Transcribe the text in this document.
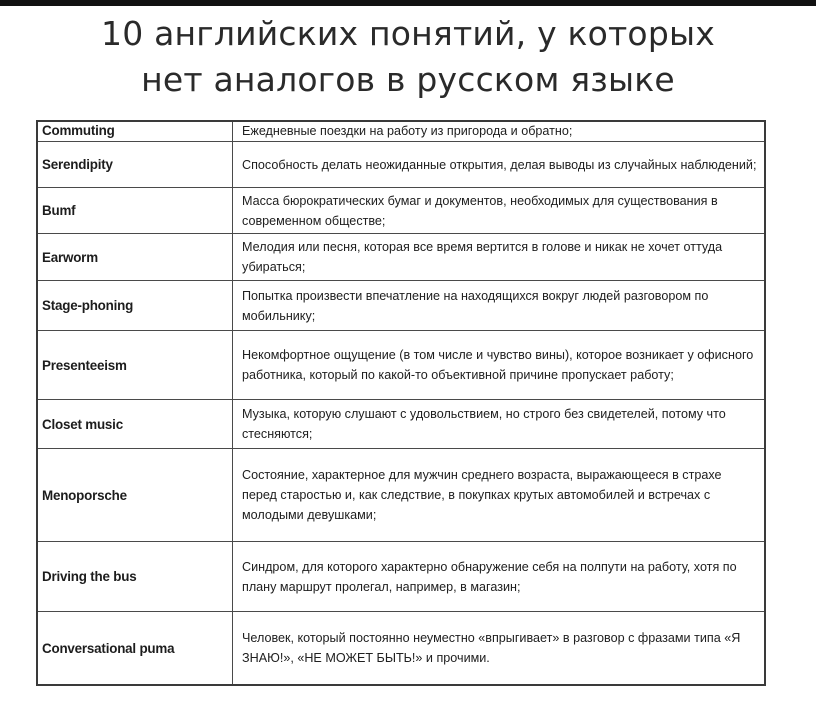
10 английских понятий, у которых
нет аналогов в русском языке
Commuting	Ежедневные поездки на работу из пригорода и обратно;
Serendipity	Способность делать неожиданные открытия, делая выводы из случайных наблюдений;
Bumf	Масса бюрократических бумаг и документов, необходимых для существования в современном обществе;
Earworm	Мелодия или песня, которая все время вертится в голове и никак не хочет оттуда убираться;
Stage-phoning	Попытка произвести впечатление на находящихся вокруг людей разговором по мобильнику;
Presenteeism	Некомфортное ощущение (в том числе и чувство вины), которое возникает у офисного работника, который по какой-то объективной причине пропускает работу;
Closet music	Музыка, которую слушают с удовольствием, но строго без свидетелей, потому что стесняются;
Menoporsche	Состояние, характерное для мужчин среднего возраста, выражающееся в страхе перед старостью и, как следствие, в покупках крутых автомобилей и встречах с молодыми девушками;
Driving the bus	Синдром, для которого характерно обнаружение себя на полпути на работу, хотя по плану маршрут пролегал, например, в магазин;
Conversational puma	Человек, который постоянно неуместно «впрыгивает» в разговор с фразами типа «Я ЗНАЮ!», «НЕ МОЖЕТ БЫТЬ!» и прочими.
